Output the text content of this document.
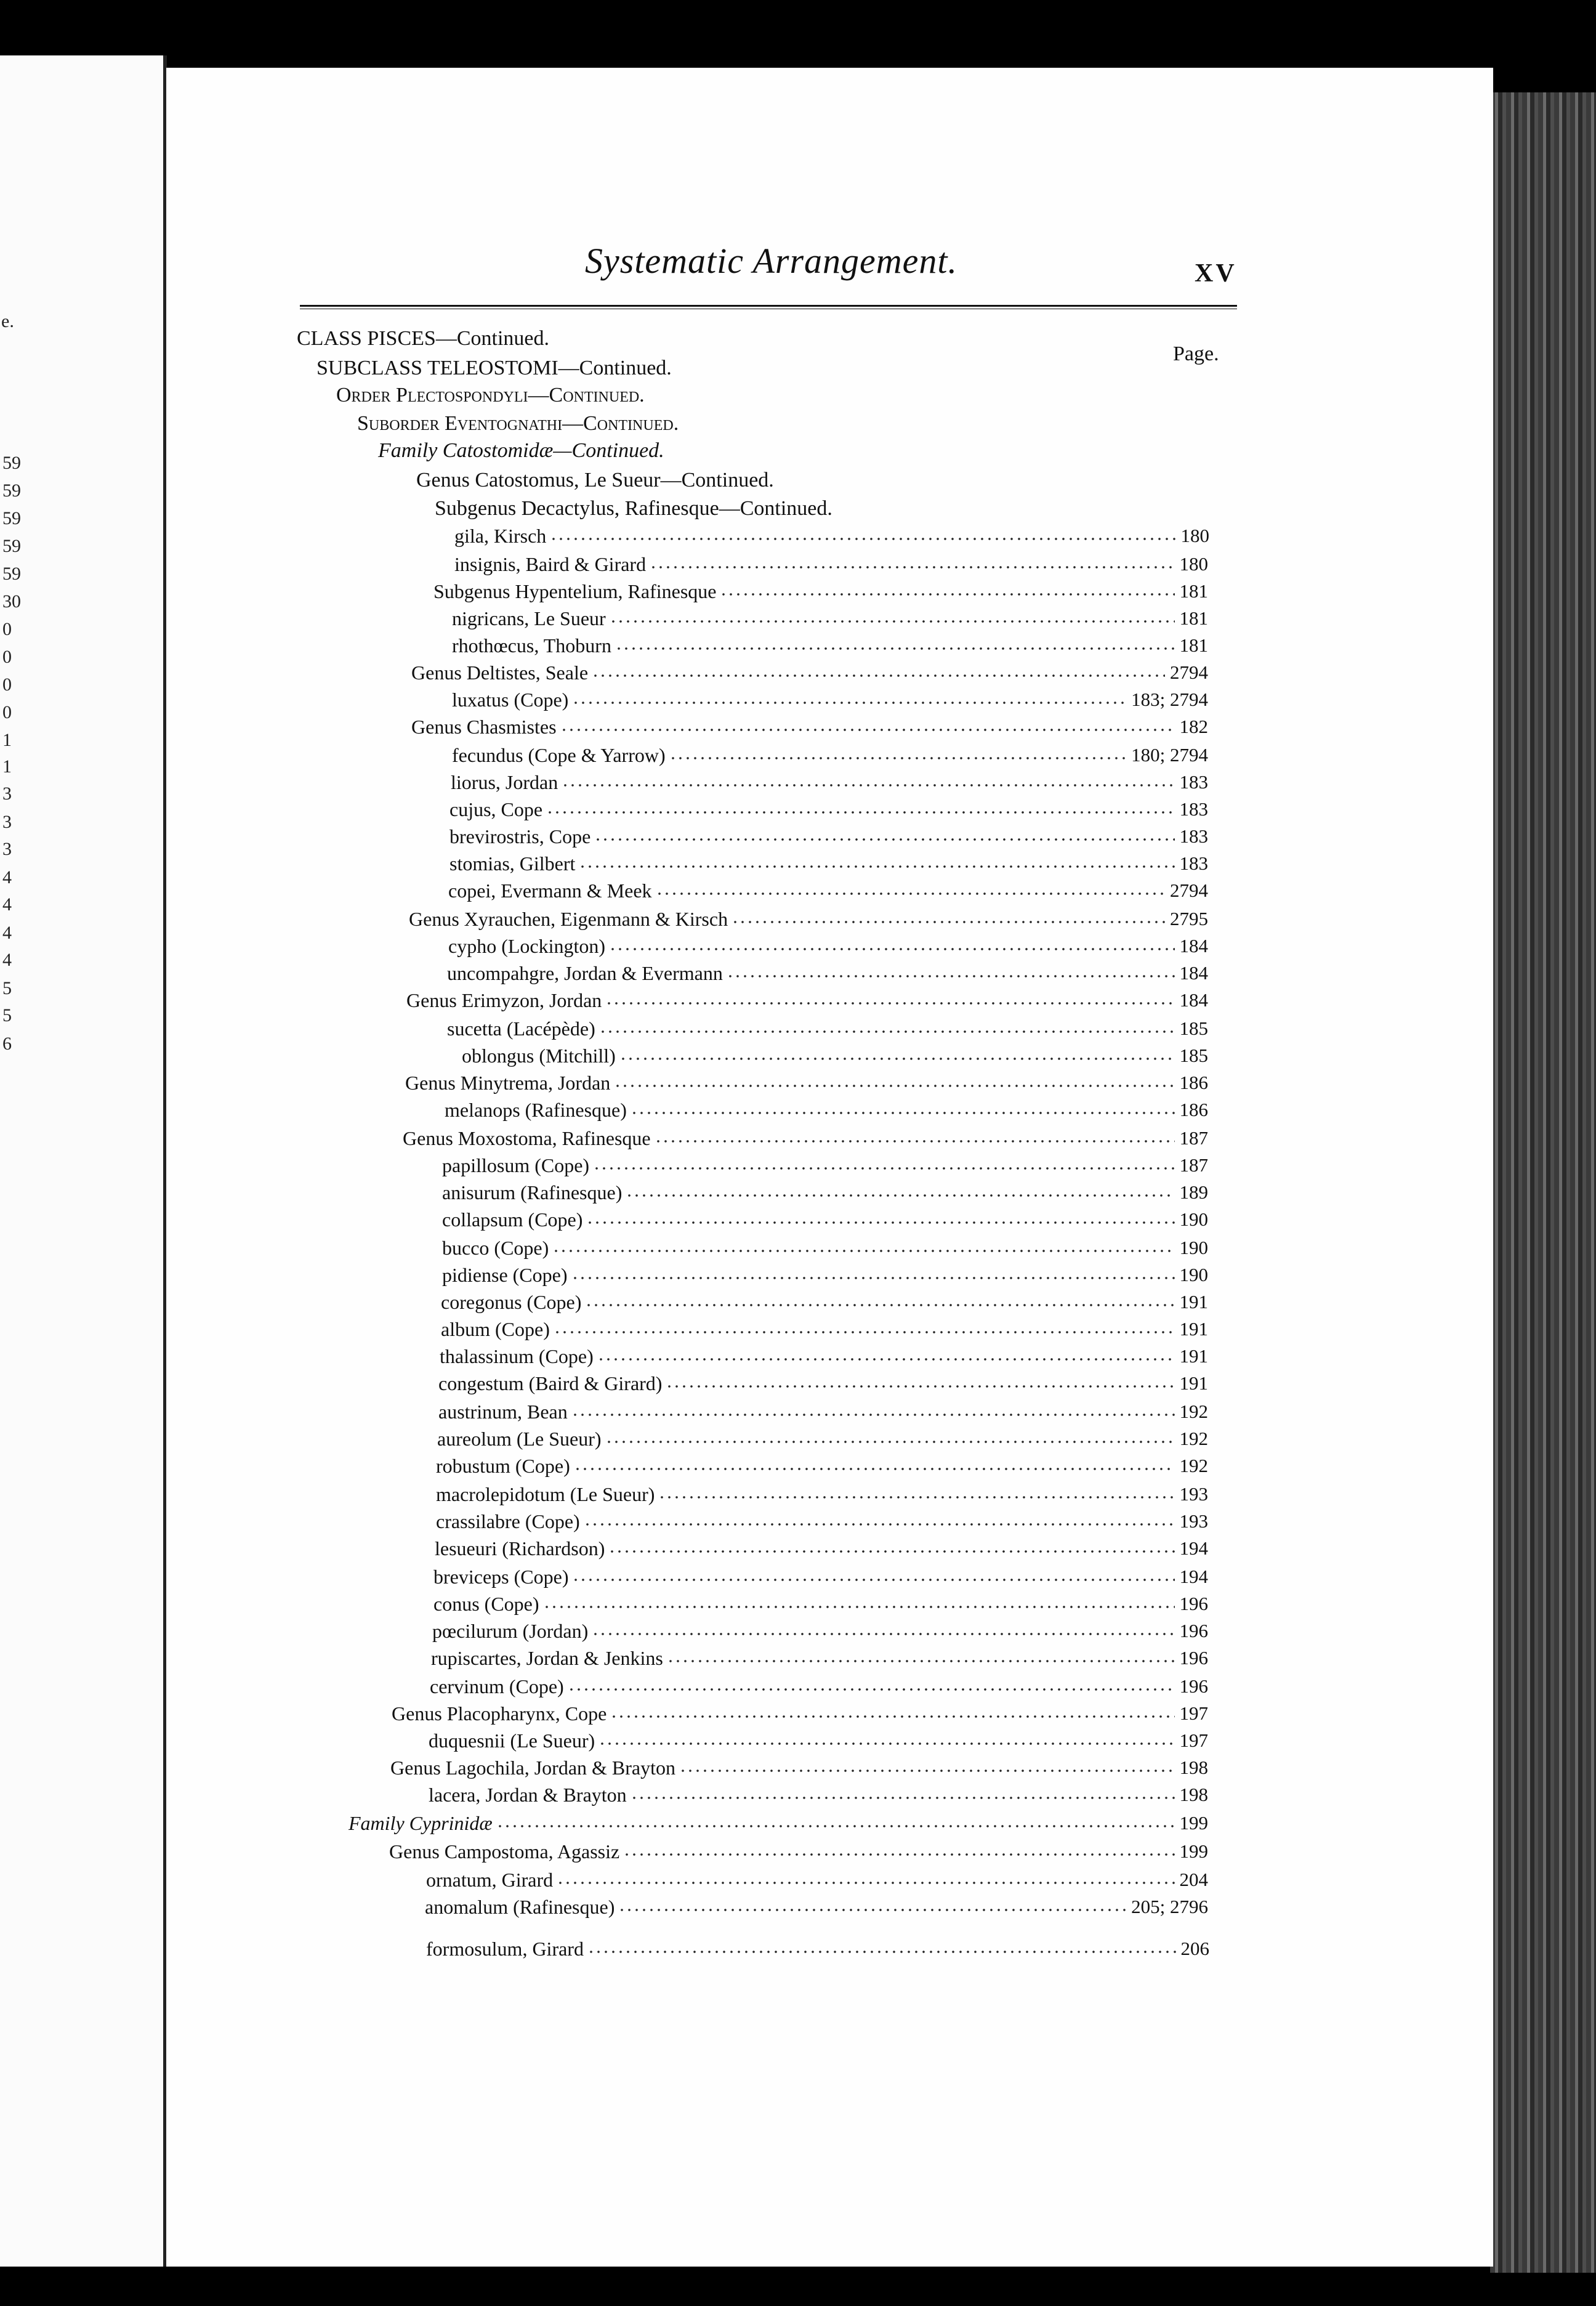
e.
59
59
59
59
59
30
0
0
0
0
1
1
3
3
3
4
4
4
4
5
5
6
Systematic Arrangement.	XV
Page.
CLASS PISCES—Continued.
SUBCLASS TELEOSTOMI—Continued.
Order Plectospondyli—Continued.
Suborder Eventognathi—Continued.
Family Catostomidæ—Continued.
Genus Catostomus, Le Sueur—Continued.
Subgenus Decactylus, Rafinesque—Continued.
gila, Kirsch	180
insignis, Baird & Girard	180
Subgenus Hypentelium, Rafinesque	181
nigricans, Le Sueur	181
rhothœcus, Thoburn	181
Genus Deltistes, Seale	2794
luxatus (Cope)	183; 2794
Genus Chasmistes	182
fecundus (Cope & Yarrow)	180; 2794
liorus, Jordan	183
cujus, Cope	183
brevirostris, Cope	183
stomias, Gilbert	183
copei, Evermann & Meek	2794
Genus Xyrauchen, Eigenmann & Kirsch	2795
cypho (Lockington)	184
uncompahgre, Jordan & Evermann	184
Genus Erimyzon, Jordan	184
sucetta (Lacépède)	185
oblongus (Mitchill)	185
Genus Minytrema, Jordan	186
melanops (Rafinesque)	186
Genus Moxostoma, Rafinesque	187
papillosum (Cope)	187
anisurum (Rafinesque)	189
collapsum (Cope)	190
bucco (Cope)	190
pidiense (Cope)	190
coregonus (Cope)	191
album (Cope)	191
thalassinum (Cope)	191
congestum (Baird & Girard)	191
austrinum, Bean	192
aureolum (Le Sueur)	192
robustum (Cope)	192
macrolepidotum (Le Sueur)	193
crassilabre (Cope)	193
lesueuri (Richardson)	194
breviceps (Cope)	194
conus (Cope)	196
pœcilurum (Jordan)	196
rupiscartes, Jordan & Jenkins	196
cervinum (Cope)	196
Genus Placopharynx, Cope	197
duquesnii (Le Sueur)	197
Genus Lagochila, Jordan & Brayton	198
lacera, Jordan & Brayton	198
Family Cyprinidæ	199
Genus Campostoma, Agassiz	199
ornatum, Girard	204
anomalum (Rafinesque)	205; 2796
formosulum, Girard	206
